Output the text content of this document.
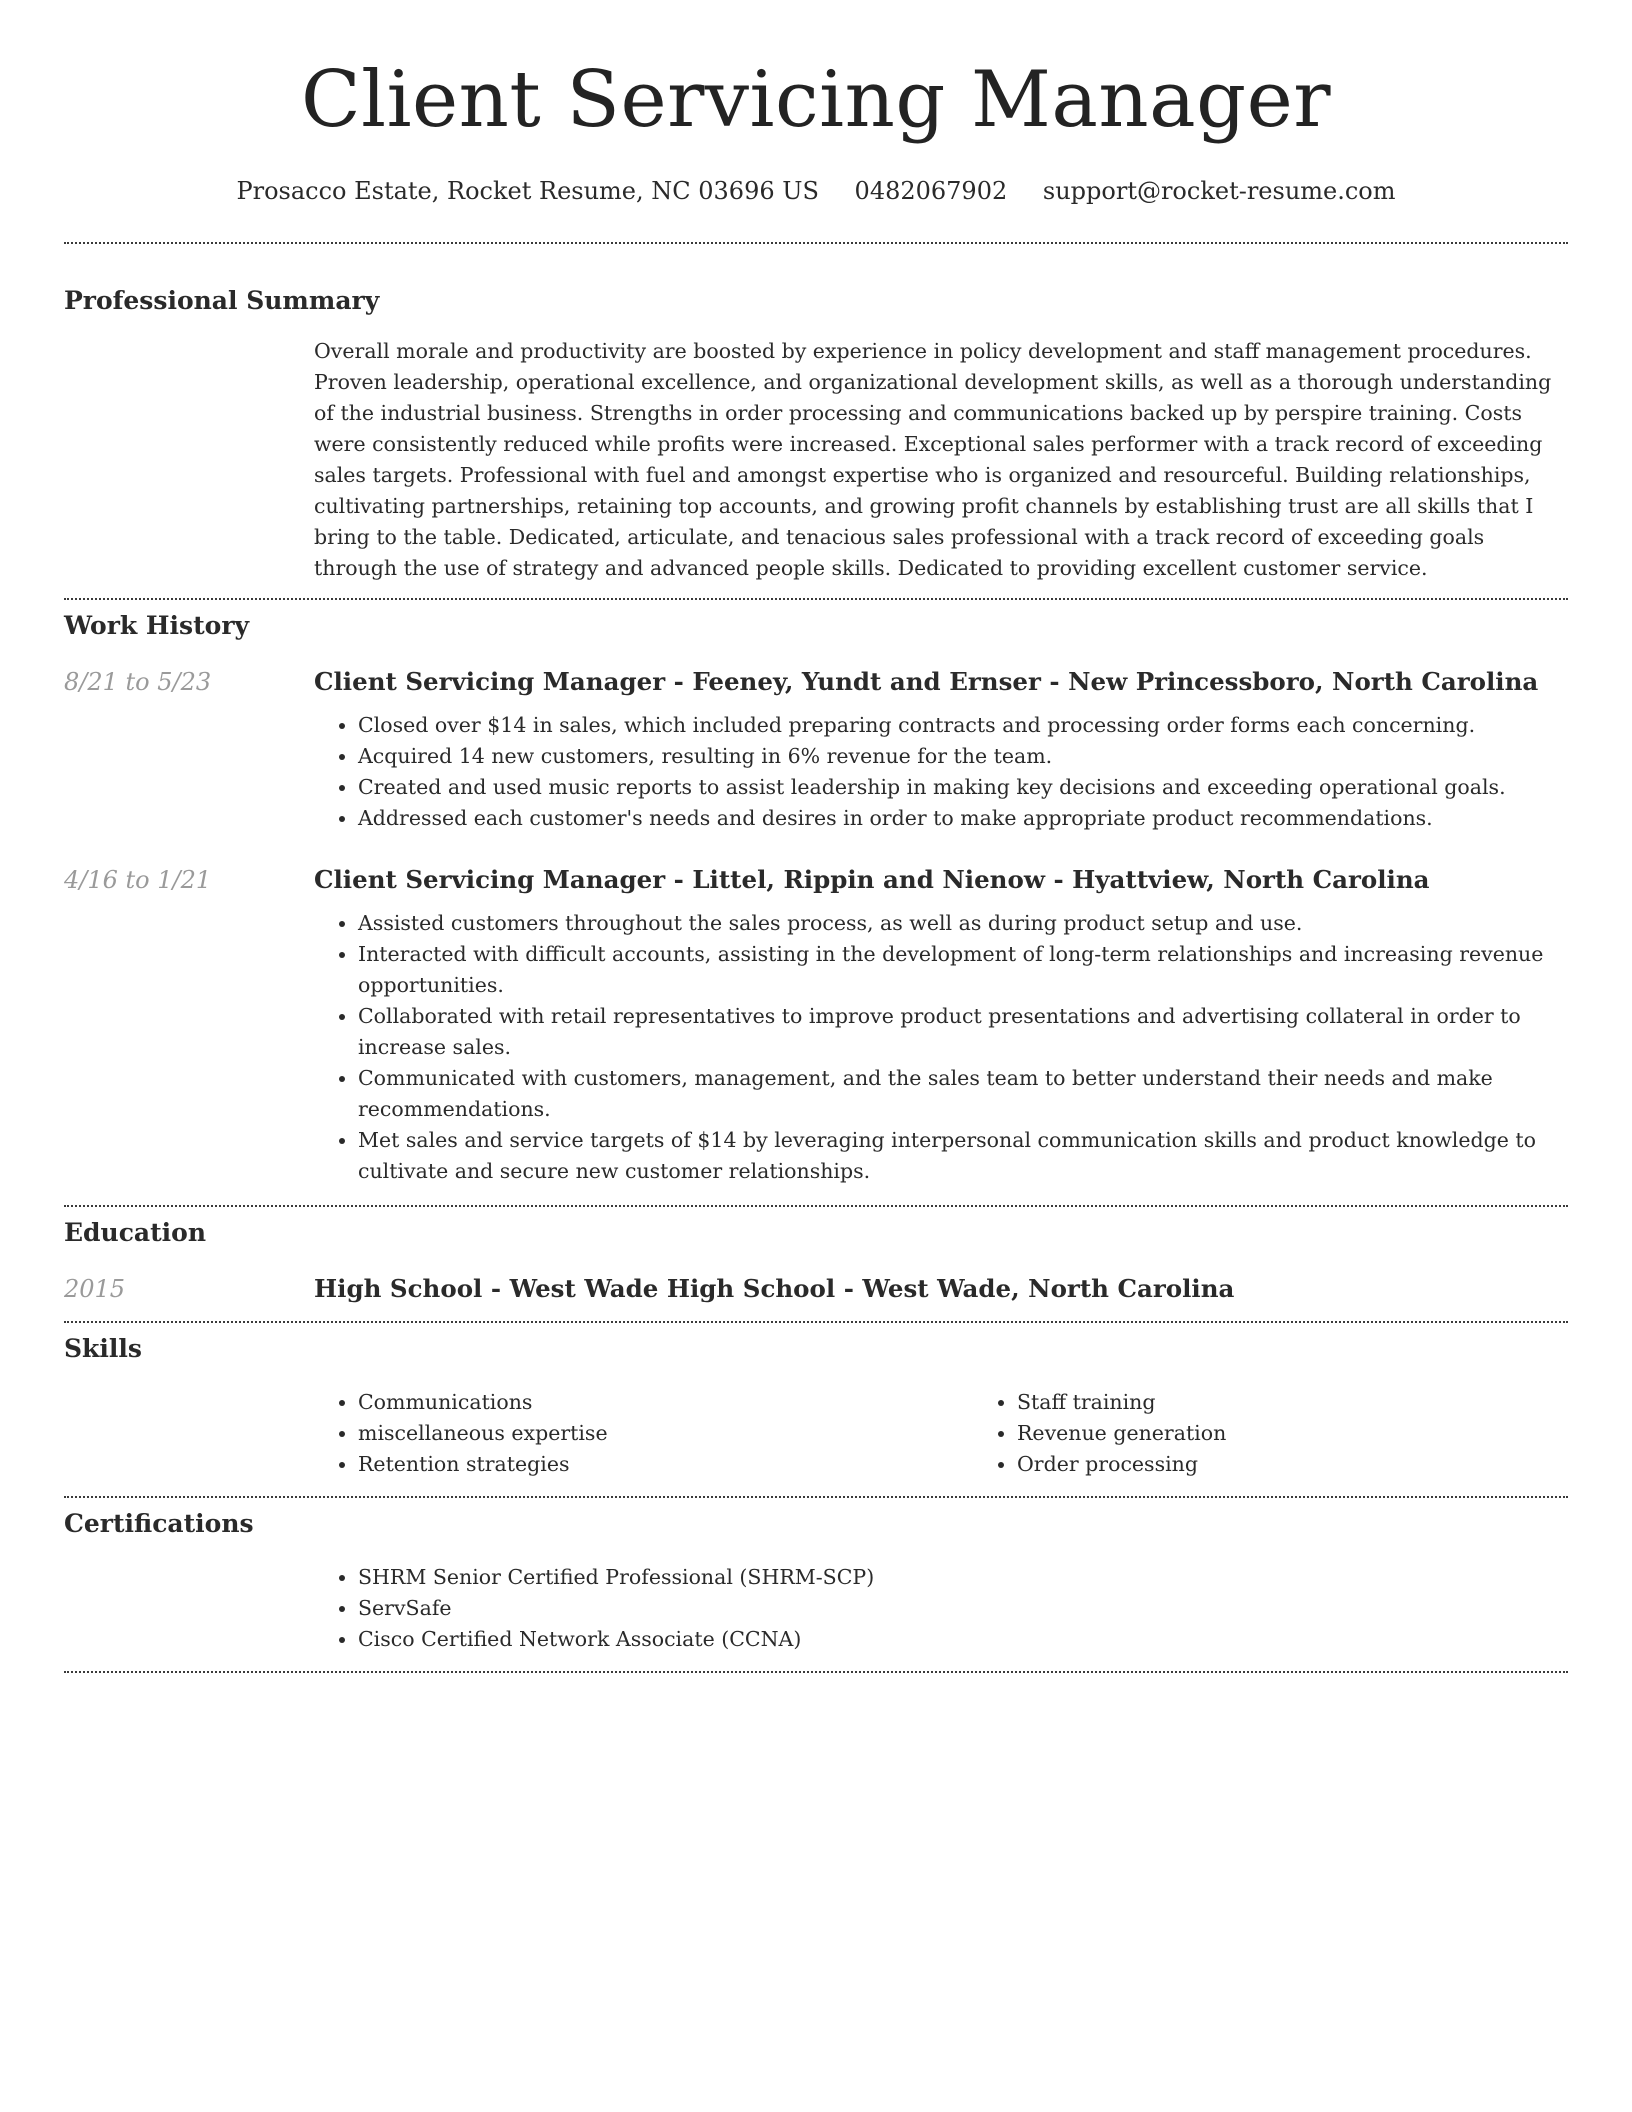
Client Servicing Manager
Prosacco Estate, Rocket Resume, NC 03696 US 0482067902 support@rocket-resume.com
Professional Summary

Overall morale and productivity are boosted by experience in policy development and staff management procedures. Proven leadership, operational excellence, and organizational development skills, as well as a thorough understanding of the industrial business. Strengths in order processing and communications backed up by perspire training. Costs were consistently reduced while profits were increased. Exceptional sales performer with a track record of exceeding sales targets. Professional with fuel and amongst expertise who is organized and resourceful. Building relationships, cultivating partnerships, retaining top accounts, and growing profit channels by establishing trust are all skills that I bring to the table. Dedicated, articulate, and tenacious sales professional with a track record of exceeding goals through the use of strategy and advanced people skills. Dedicated to providing excellent customer service.

Work History
8/21 to 5/23	Client Servicing Manager - Feeney, Yundt and Ernser - New Princessboro, North Carolina
• Closed over $14 in sales, which included preparing contracts and processing order forms each concerning.
• Acquired 14 new customers, resulting in 6% revenue for the team.
• Created and used music reports to assist leadership in making key decisions and exceeding operational goals.
• Addressed each customer's needs and desires in order to make appropriate product recommendations.
4/16 to 1/21	Client Servicing Manager - Littel, Rippin and Nienow - Hyattview, North Carolina
• Assisted customers throughout the sales process, as well as during product setup and use.
• Interacted with difficult accounts, assisting in the development of long-term relationships and increasing revenue opportunities.
• Collaborated with retail representatives to improve product presentations and advertising collateral in order to increase sales.
• Communicated with customers, management, and the sales team to better understand their needs and make recommendations.
• Met sales and service targets of $14 by leveraging interpersonal communication skills and product knowledge to cultivate and secure new customer relationships.
Education
2015	High School - West Wade High School - West Wade, North Carolina
Skills
• Communications
• miscellaneous expertise
• Retention strategies
• Staff training
• Revenue generation
• Order processing
Certifications
• SHRM Senior Certified Professional (SHRM-SCP)
• ServSafe
• Cisco Certified Network Associate (CCNA)
